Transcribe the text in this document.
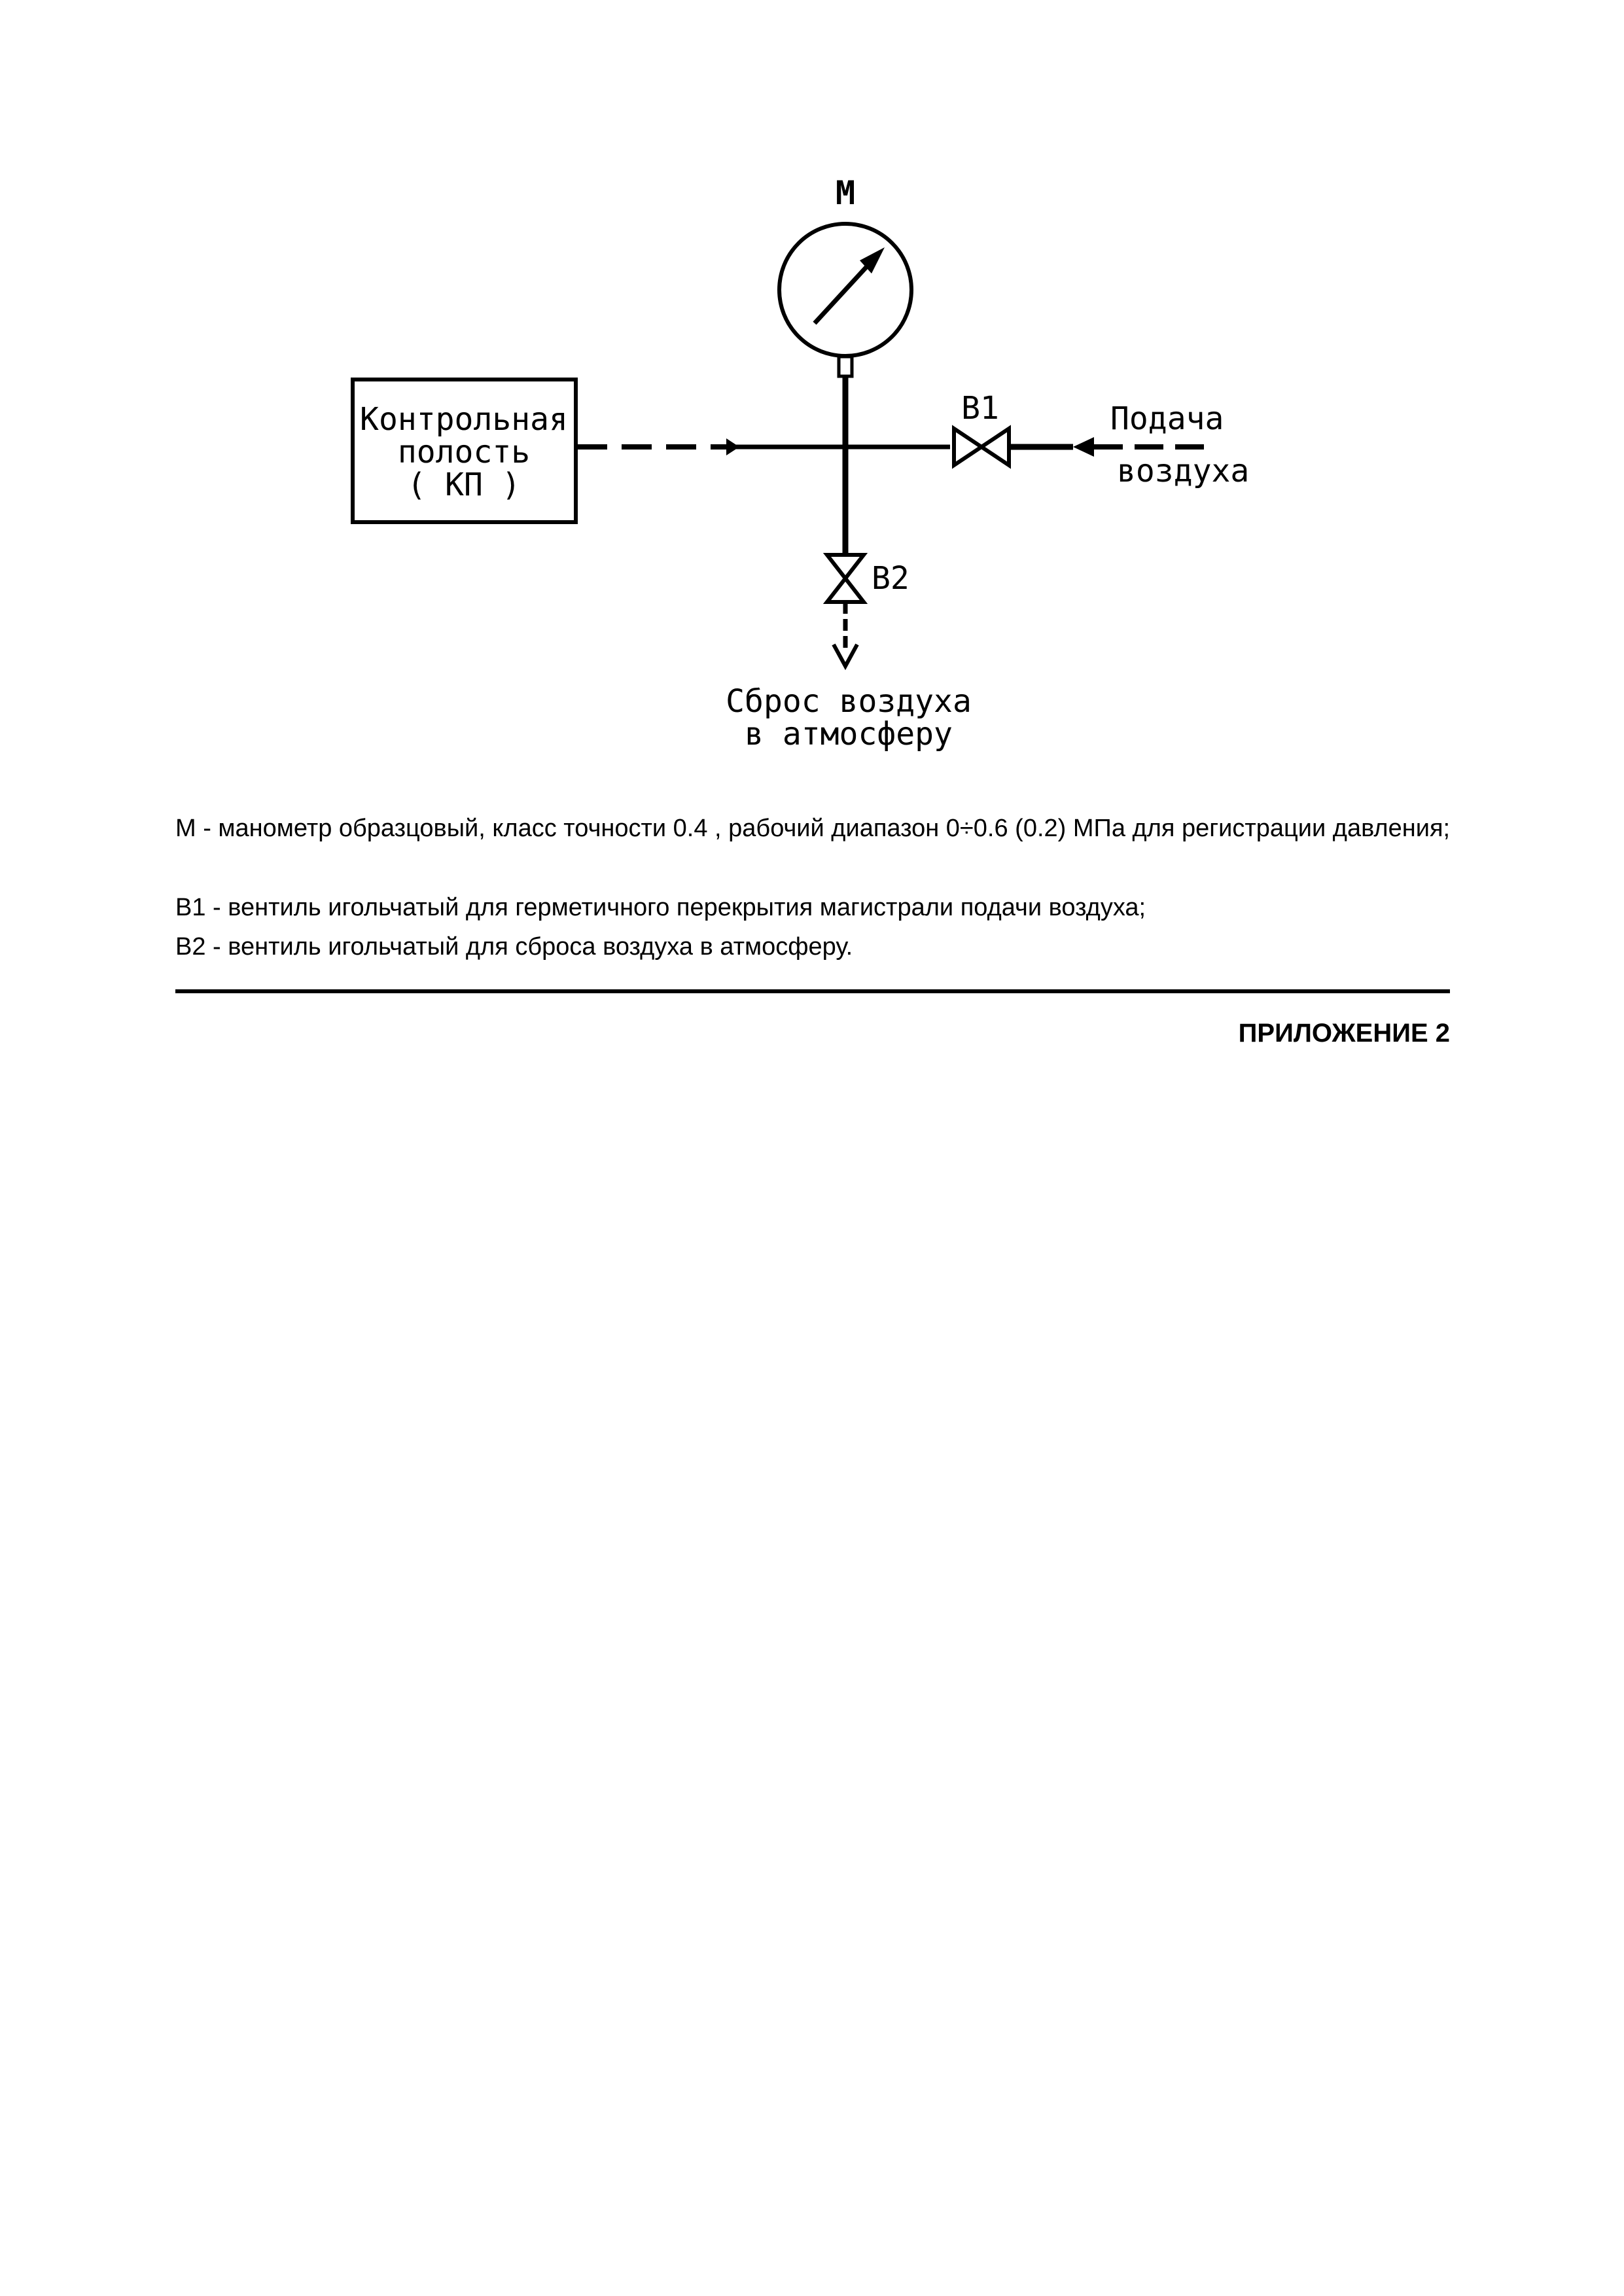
М
Контрольная
полость
( КП )
В1	Подача
воздуха
В2
Сброс воздуха
в атмосферу

М - манометр образцовый, класс точности 0.4 , рабочий диапазон 0÷0.6 (0.2) МПа для регистрации давления;

В1 - вентиль игольчатый для герметичного перекрытия магистрали подачи воздуха;

В2 - вентиль игольчатый для сброса воздуха в атмосферу.

ПРИЛОЖЕНИЕ 2
